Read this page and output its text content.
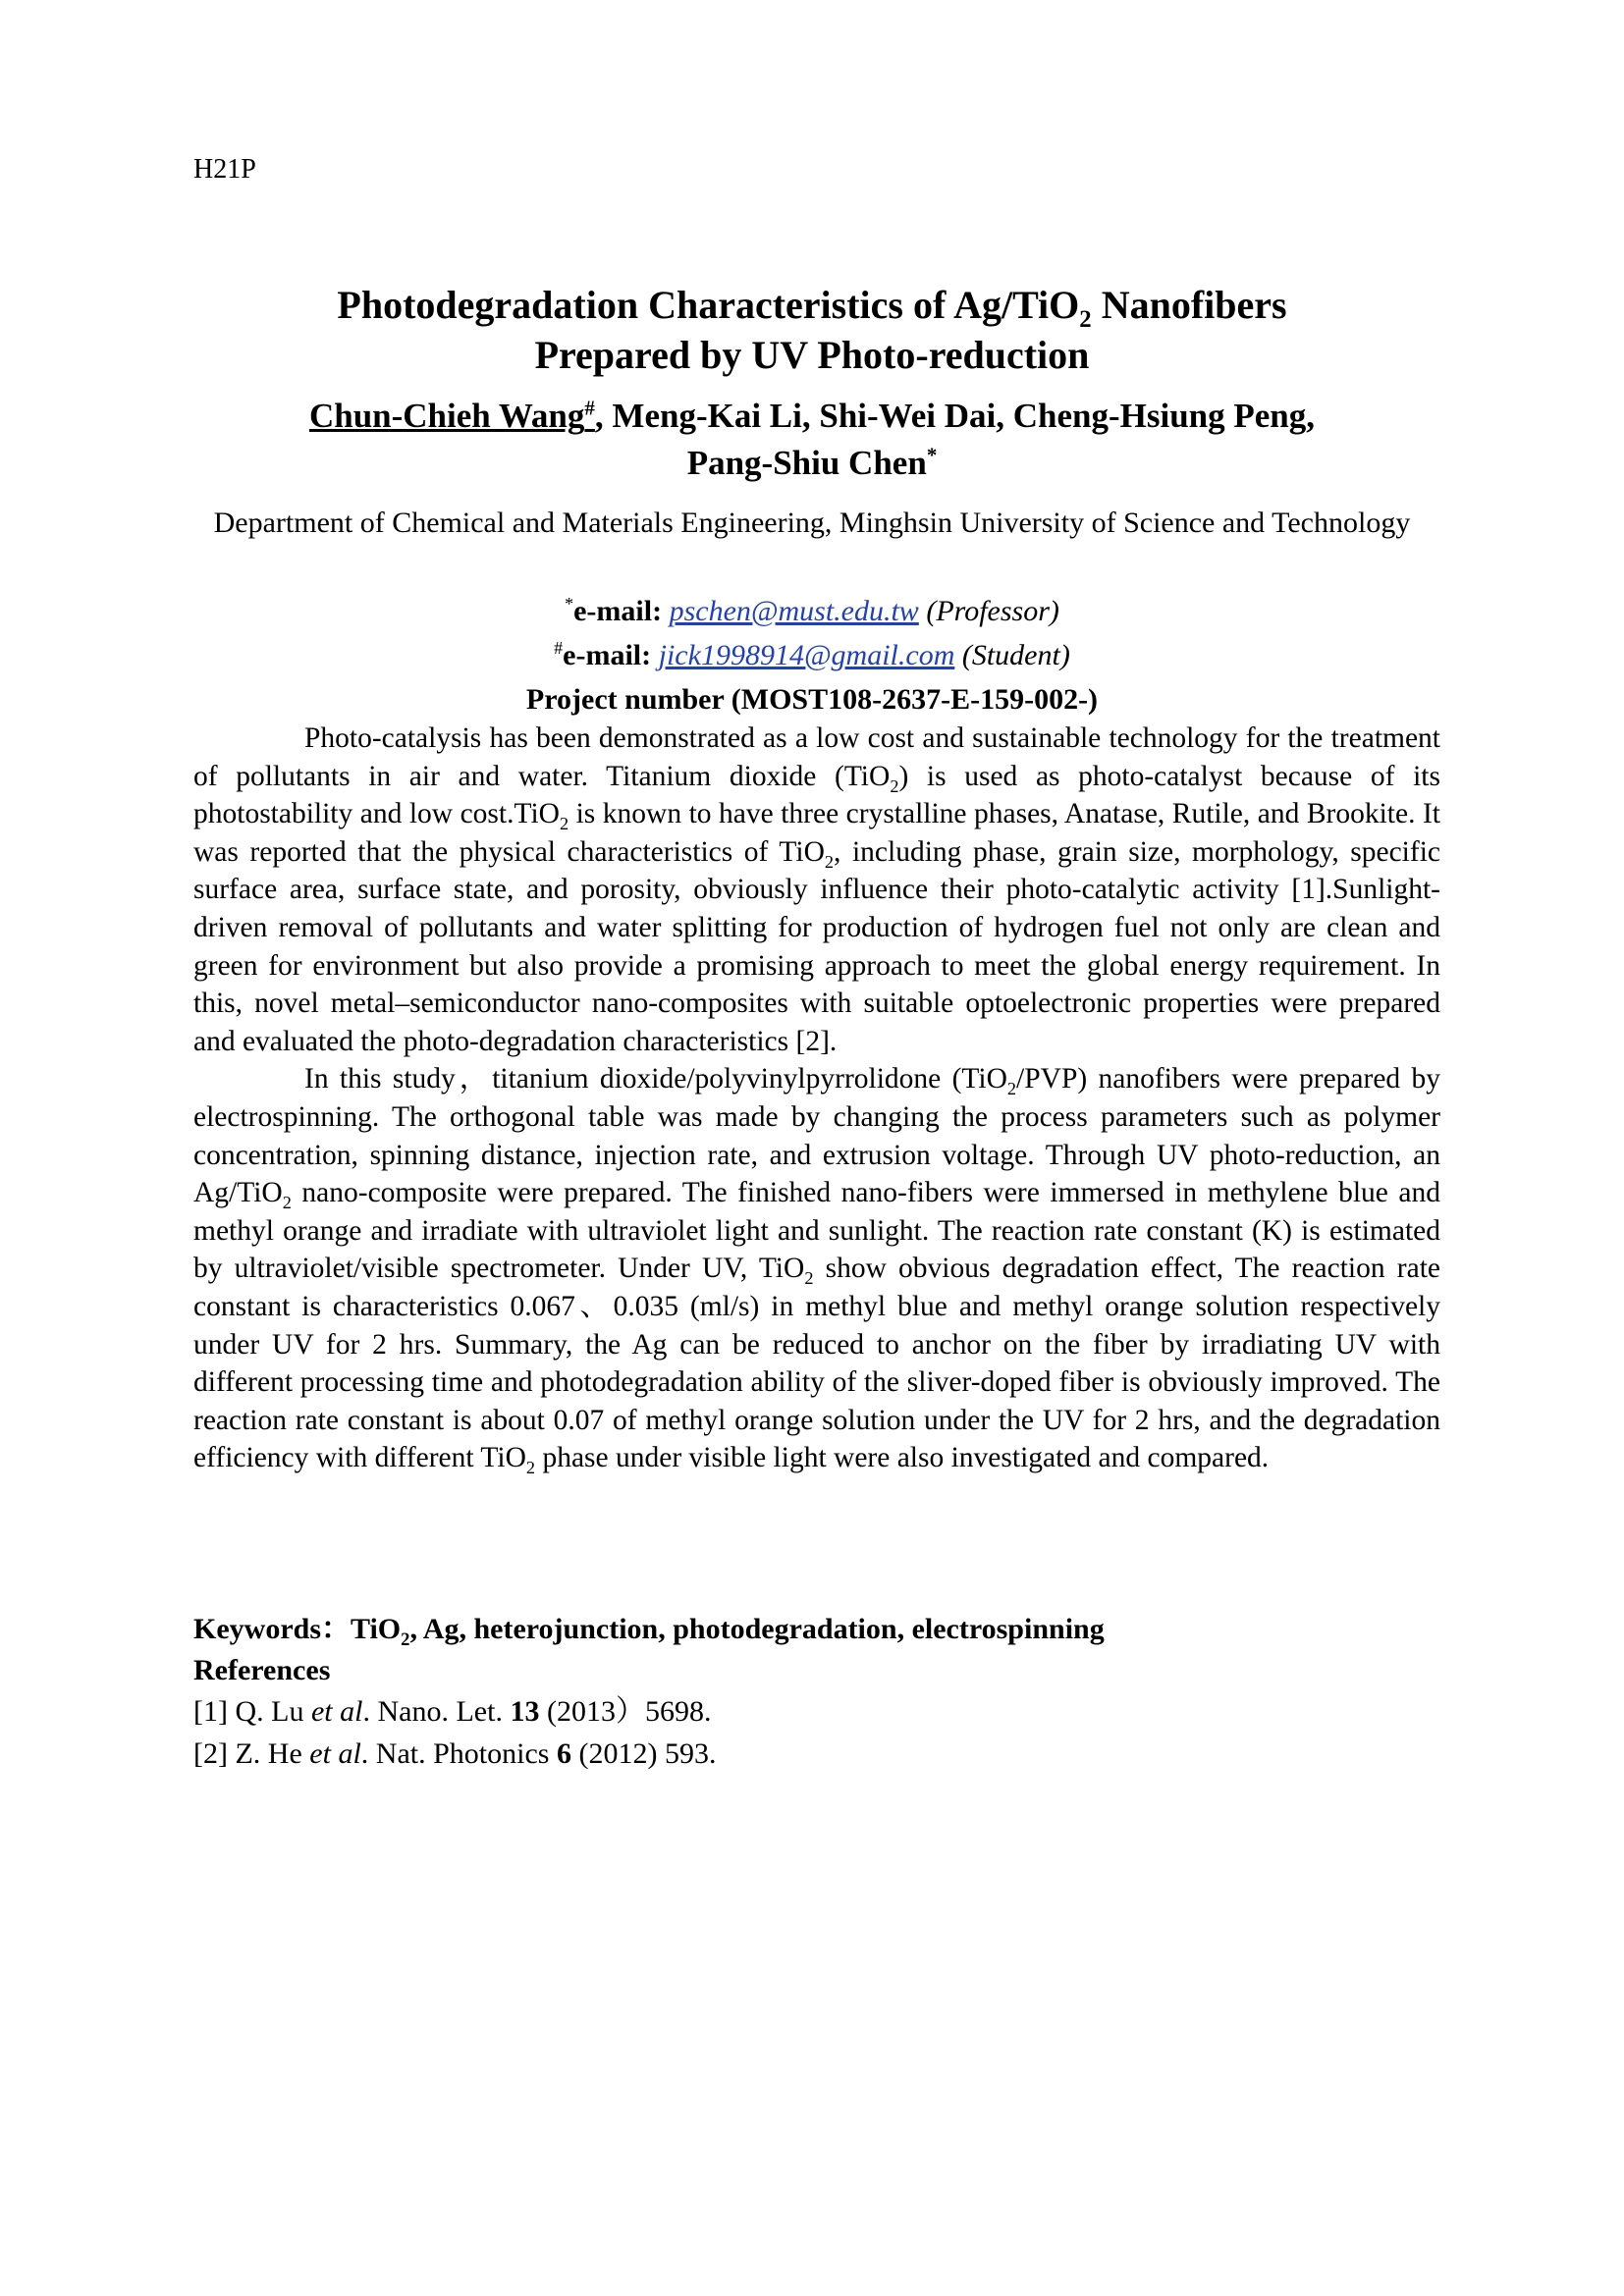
H21P
Photodegradation Characteristics of Ag/TiO$_2$ Nanofibers
Prepared by UV Photo-reduction
Chun-Chieh Wang#, Meng-Kai Li, Shi-Wei Dai, Cheng-Hsiung Peng,
Pang-Shiu Chen*
Department of Chemical and Materials Engineering, Minghsin University of Science and Technology
*e-mail: pschen@must.edu.tw (Professor)
#e-mail: jick1998914@gmail.com (Student)
Project number (MOST108-2637-E-159-002-)

Photo-catalysis has been demonstrated as a low cost and sustainable technology for the treatment of pollutants in air and water. Titanium dioxide (TiO$_2$) is used as photo-catalyst because of its photostability and low cost.TiO$_2$ is known to have three crystalline phases, Anatase, Rutile, and Brookite. It was reported that the physical characteristics of TiO$_2$, including phase, grain size, morphology, specific surface area, surface state, and porosity, obviously influence their photo-catalytic activity [1].Sunlight-driven removal of pollutants and water splitting for production of hydrogen fuel not only are clean and green for environment but also provide a promising approach to meet the global energy requirement. In this, novel metal–semiconductor nano-composites with suitable optoelectronic properties were prepared and evaluated the photo-degradation characteristics [2].

In this study，titanium dioxide/polyvinylpyrrolidone (TiO$_2$/PVP) nanofibers were prepared by electrospinning. The orthogonal table was made by changing the process parameters such as polymer concentration, spinning distance, injection rate, and extrusion voltage. Through UV photo-reduction, an Ag/TiO$_2$ nano-composite were prepared. The finished nano-fibers were immersed in methylene blue and methyl orange and irradiate with ultraviolet light and sunlight. The reaction rate constant (K) is estimated by ultraviolet/visible spectrometer. Under UV, TiO$_2$ show obvious degradation effect, The reaction rate constant is characteristics 0.067、0.035 (ml/s) in methyl blue and methyl orange solution respectively under UV for 2 hrs. Summary, the Ag can be reduced to anchor on the fiber by irradiating UV with different processing time and photodegradation ability of the sliver-doped fiber is obviously improved. The reaction rate constant is about 0.07 of methyl orange solution under the UV for 2 hrs, and the degradation efficiency with different TiO$_2$ phase under visible light were also investigated and compared.

Keywords：TiO$_2$, Ag, heterojunction, photodegradation, electrospinning
References
[1] Q. Lu et al. Nano. Let. 13 (2013）5698.
[2] Z. He et al. Nat. Photonics 6 (2012) 593.
